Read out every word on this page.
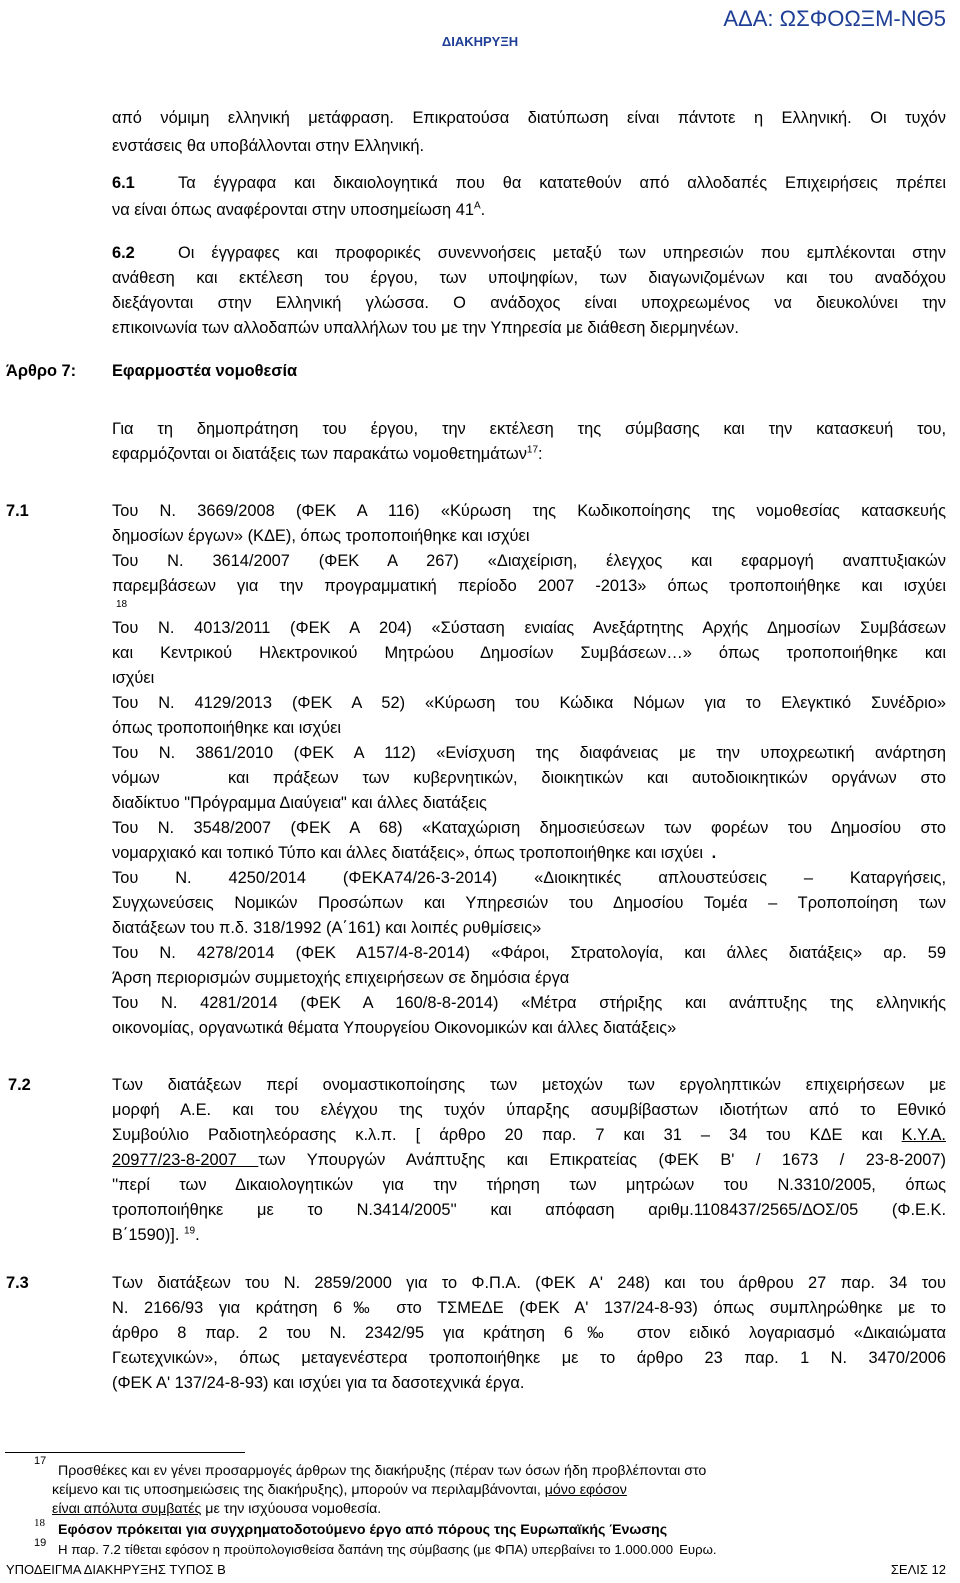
ΑΔΑ: ΩΣΦΟΩΞΜ-ΝΘ5
ΔΙΑΚΗΡΥΞΗ
από νόμιμη ελληνική μετάφραση. Επικρατούσα διατύπωση είναι πάντοτε η Ελληνική. Οι τυχόν
ενστάσεις θα υποβάλλονται στην Ελληνική.
6.1	Τα έγγραφα και δικαιολογητικά που θα κατατεθούν από αλλοδαπές Επιχειρήσεις πρέπει
να είναι όπως αναφέρονται στην υποσημείωση $41^A$.
6.2	Οι έγγραφες και προφορικές συνεννοήσεις μεταξύ των υπηρεσιών που εμπλέκονται στην
ανάθεση και εκτέλεση του έργου, των υποψηφίων, των διαγωνιζομένων και του αναδόχου
διεξάγονται στην Ελληνική γλώσσα. Ο ανάδοχος είναι υποχρεωμένος να διευκολύνει την
επικοινωνία των αλλοδαπών υπαλλήλων του με την Υπηρεσία με διάθεση διερμηνέων.
Άρθρο 7: Εφαρμοστέα νομοθεσία
Για τη δημοπράτηση του έργου, την εκτέλεση της σύμβασης και την κατασκευή του,
εφαρμόζονται οι διατάξεις των παρακάτω νομοθετημάτων$^{17}$:
7.1	Του Ν. 3669/2008 (ΦΕΚ Α 116) «Κύρωση της Κωδικοποίησης της νομοθεσίας κατασκευής
δημοσίων έργων» (ΚΔΕ), όπως τροποποιήθηκε και ισχύει
Του Ν. 3614/2007 (ΦΕΚ Α 267) «Διαχείριση, έλεγχος και εφαρμογή αναπτυξιακών
παρεμβάσεων για την προγραμματική περίοδο 2007 -2013» όπως τροποποιήθηκε και ισχύει
18
Του Ν. 4013/2011 (ΦΕΚ Α 204) «Σύσταση ενιαίας Ανεξάρτητης Αρχής Δημοσίων Συμβάσεων
και Κεντρικού Ηλεκτρονικού Μητρώου Δημοσίων Συμβάσεων…» όπως τροποποιήθηκε και
ισχύει
Του Ν. 4129/2013 (ΦΕΚ Α 52) «Κύρωση του Κώδικα Νόμων για το Ελεγκτικό Συνέδριο»
όπως τροποποιήθηκε και ισχύει
Του Ν. 3861/2010 (ΦΕΚ Α 112) «Ενίσχυση της διαφάνειας με την υποχρεωτική ανάρτηση
νόμων	και πράξεων των κυβερνητικών, διοικητικών και αυτοδιοικητικών οργάνων στο
διαδίκτυο "Πρόγραμμα Διαύγεια" και άλλες διατάξεις
Του Ν. 3548/2007 (ΦΕΚ Α 68) «Καταχώριση δημοσιεύσεων των φορέων του Δημοσίου στο
νομαρχιακό και τοπικό Τύπο και άλλες διατάξεις», όπως τροποποιήθηκε και ισχύει .
Του Ν. 4250/2014 (ΦΕΚΑ74/26-3-2014) «Διοικητικές απλουστεύσεις – Καταργήσεις,
Συγχωνεύσεις Νομικών Προσώπων και Υπηρεσιών του Δημοσίου Τομέα – Τροποποίηση των
διατάξεων του π.δ. 318/1992 (Α΄161) και λοιπές ρυθμίσεις»
Του Ν. 4278/2014 (ΦΕΚ Α157/4-8-2014) «Φάροι, Στρατολογία, και άλλες διατάξεις» αρ. 59
Άρση περιορισμών συμμετοχής επιχειρήσεων σε δημόσια έργα
Του Ν. 4281/2014 (ΦΕΚ Α 160/8-8-2014) «Μέτρα στήριξης και ανάπτυξης της ελληνικής
οικονομίας, οργανωτικά θέματα Υπουργείου Οικονομικών και άλλες διατάξεις»
7.2	Των διατάξεων περί ονομαστικοποίησης των μετοχών των εργοληπτικών επιχειρήσεων με
μορφή Α.Ε. και του ελέγχου της τυχόν ύπαρξης ασυμβίβαστων ιδιοτήτων από το Εθνικό
Συμβούλιο Ραδιοτηλεόρασης κ.λ.π. [ άρθρο 20 παρ. 7 και 31 – 34 του ΚΔΕ και Κ.Υ.Α.
20977/23-8-2007 των Υπουργών Ανάπτυξης και Επικρατείας (ΦΕΚ Β' / 1673 / 23-8-2007)
''περί των Δικαιολογητικών για την τήρηση των μητρώων του Ν.3310/2005, όπως
τροποποιήθηκε με το Ν.3414/2005'' και απόφαση αριθμ.1108437/2565/ΔΟΣ/05 (Φ.Ε.Κ.
Β΄1590)]. $^{19}$.
7.3	Των διατάξεων του Ν. 2859/2000 για το Φ.Π.Α. (ΦΕΚ Α' 248) και του άρθρου 27 παρ. 34 του
Ν. 2166/93 για κράτηση 6‰ στο ΤΣΜΕΔΕ (ΦΕΚ Α' 137/24-8-93) όπως συμπληρώθηκε με το
άρθρο 8 παρ. 2 του Ν. 2342/95 για κράτηση 6‰ στον ειδικό λογαριασμό «Δικαιώματα
Γεωτεχνικών», όπως μεταγενέστερα τροποποιήθηκε με το άρθρο 23 παρ. 1 Ν. 3470/2006
(ΦΕΚ Α' 137/24-8-93) και ισχύει για τα δασοτεχνικά έργα.
17
Προσθέκες και εν γένει προσαρμογές άρθρων της διακήρυξης (πέραν των όσων ήδη προβλέπονται στο
κείμενο και τις υποσημειώσεις της διακήρυξης), μπορούν να περιλαμβάνονται, μόνο εφόσον
είναι απόλυτα συμβατές με την ισχύουσα νομοθεσία.
18 Εφόσον πρόκειται για συγχρηματοδοτούμενο έργο από πόρους της Ευρωπαϊκής Ένωσης
19
ΥΠΟΔΕΙΓΜΑ ΔΙΑΚΗΡΥΞΗΣ ΤΥΠΟΣ Β	ΣΕΛΙΣ 12
Η παρ. 7.2 τίθεται εφόσον η προϋπολογισθείσα δαπάνη της σύμβασης (με ΦΠΑ) υπερβαίνει το 1.000.000 Ευρω.
